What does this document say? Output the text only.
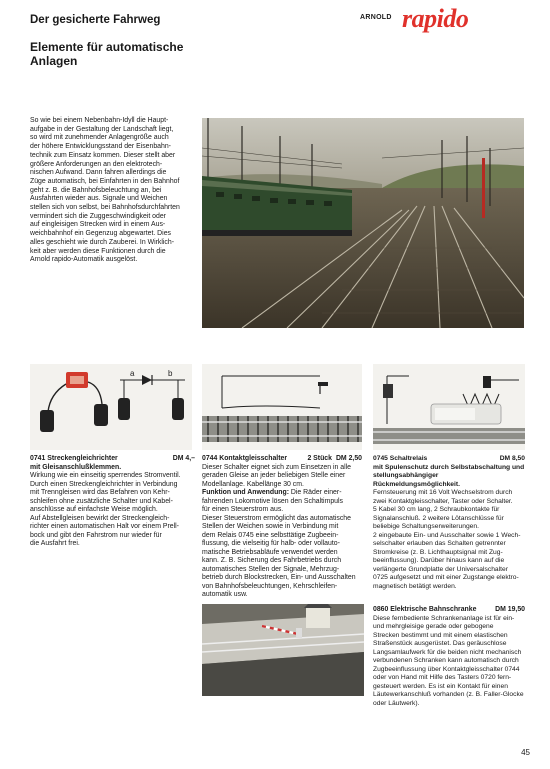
Der gesicherte Fahrweg	ARNOLD rapido
Elemente für automatische
Anlagen
So wie bei einem Nebenbahn-Idyll die Haupt-
aufgabe in der Gestaltung der Landschaft liegt,
so wird mit zunehmender Anlagengröße auch
der höhere Entwicklungsstand der Eisenbahn-
technik zum Einsatz kommen. Dieser stellt aber
größere Anforderungen an den elektrotech-
nischen Aufwand. Dann fahren allerdings die
Züge automatisch, bei Einfahrten in den Bahnhof
geht z. B. die Bahnhofsbeleuchtung an, bei
Ausfahrten wieder aus. Signale und Weichen
stellen sich von selbst, bei Bahnhofsdurchfahrten
vermindert sich die Zuggeschwindigkeit oder
auf eingleisigen Strecken wird in einem Aus-
weichbahnhof ein Gegenzug abgewartet. Dies
alles geschieht wie durch Zauberei. In Wirklich-
keit aber werden diese Funktionen durch die
Arnold rapido-Automatik ausgelöst.
a	b
DM 4,–
0741 Streckengleichrichter
mit Gleisanschlußklemmen.
Wirkung wie ein einseitig sperrendes Stromventil.
Durch einen Streckengleichrichter in Verbindung
mit Trenngleisen wird das Befahren von Kehr-
schleifen ohne zusätzliche Schalter und Kabel-
anschlüsse auf einfachste Weise möglich.
Auf Abstellgleisen bewirkt der Streckengleich-
richter einen automatischen Halt vor einem Prell-
bock und gibt den Fahrstrom nur wieder für
die Ausfahrt frei.
DM 2,50
2 Stück
0744 Kontaktgleisschalter
Dieser Schalter eignet sich zum Einsetzen in alle
geraden Gleise an jeder beliebigen Stelle einer
Modellanlage. Kabellänge 30 cm.
Funktion und Anwendung: Die Räder einer-
fahrenden Lokomotive lösen den Schaltimpuls
für einen Steuerstrom aus.
Dieser Steuerstrom ermöglicht das automatische
Stellen der Weichen sowie in Verbindung mit
dem Relais 0745 eine selbsttätige Zugbeein-
flussung, die vielseitig für halb- oder vollauto-
matische Betriebsabläufe verwendet werden
kann. Z. B. Sicherung des Fahrbetriebs durch
automatisches Stellen der Signale, Mehrzug-
betrieb durch Blockstrecken, Ein- und Ausschalten
von Bahnhofsbeleuchtungen, Kehrschleifen-
automatik usw.
DM 8,50
0745 Schaltrelais
mit Spulenschutz durch Selbstabschaltung und
stellungsabhängiger Rückmeldungsmöglichkeit.
Fernsteuerung mit 16 Volt Wechselstrom durch
zwei Kontaktgleisschalter, Taster oder Schalter.
5 Kabel 30 cm lang, 2 Schraubkontakte für
Signalanschluß. 2 weitere Lötanschlüsse für
beliebige Schaltungserweiterungen.
2 eingebaute Ein- und Ausschalter sowie 1 Wech-
selschalter erlauben das Schalten getrennter
Stromkreise (z. B. Lichthauptsignal mit Zug-
beeinflussung). Darüber hinaus kann auf die
verlängerte Grundplatte der Universalschalter
0725 aufgesetzt und mit einer Zugstange elektro-
magnetisch betätigt werden.
DM 19,50
0860 Elektrische Bahnschranke
Diese fernbediente Schrankenanlage ist für ein-
und mehrgleisige gerade oder gebogene
Strecken bestimmt und mit einem elastischen
Straßenstück ausgerüstet. Das geräuschlose
Langsamlaufwerk für die beiden nicht mechanisch
verbundenen Schranken kann automatisch durch
Zugbeeinflussung über Kontaktgleisschalter 0744
oder von Hand mit Hilfe des Tasters 0720 fern-
gesteuert werden. Es ist ein Kontakt für einen
Läutewerkanschluß vorhanden (z. B. Faller-Glocke
oder Läutwerk).
45
